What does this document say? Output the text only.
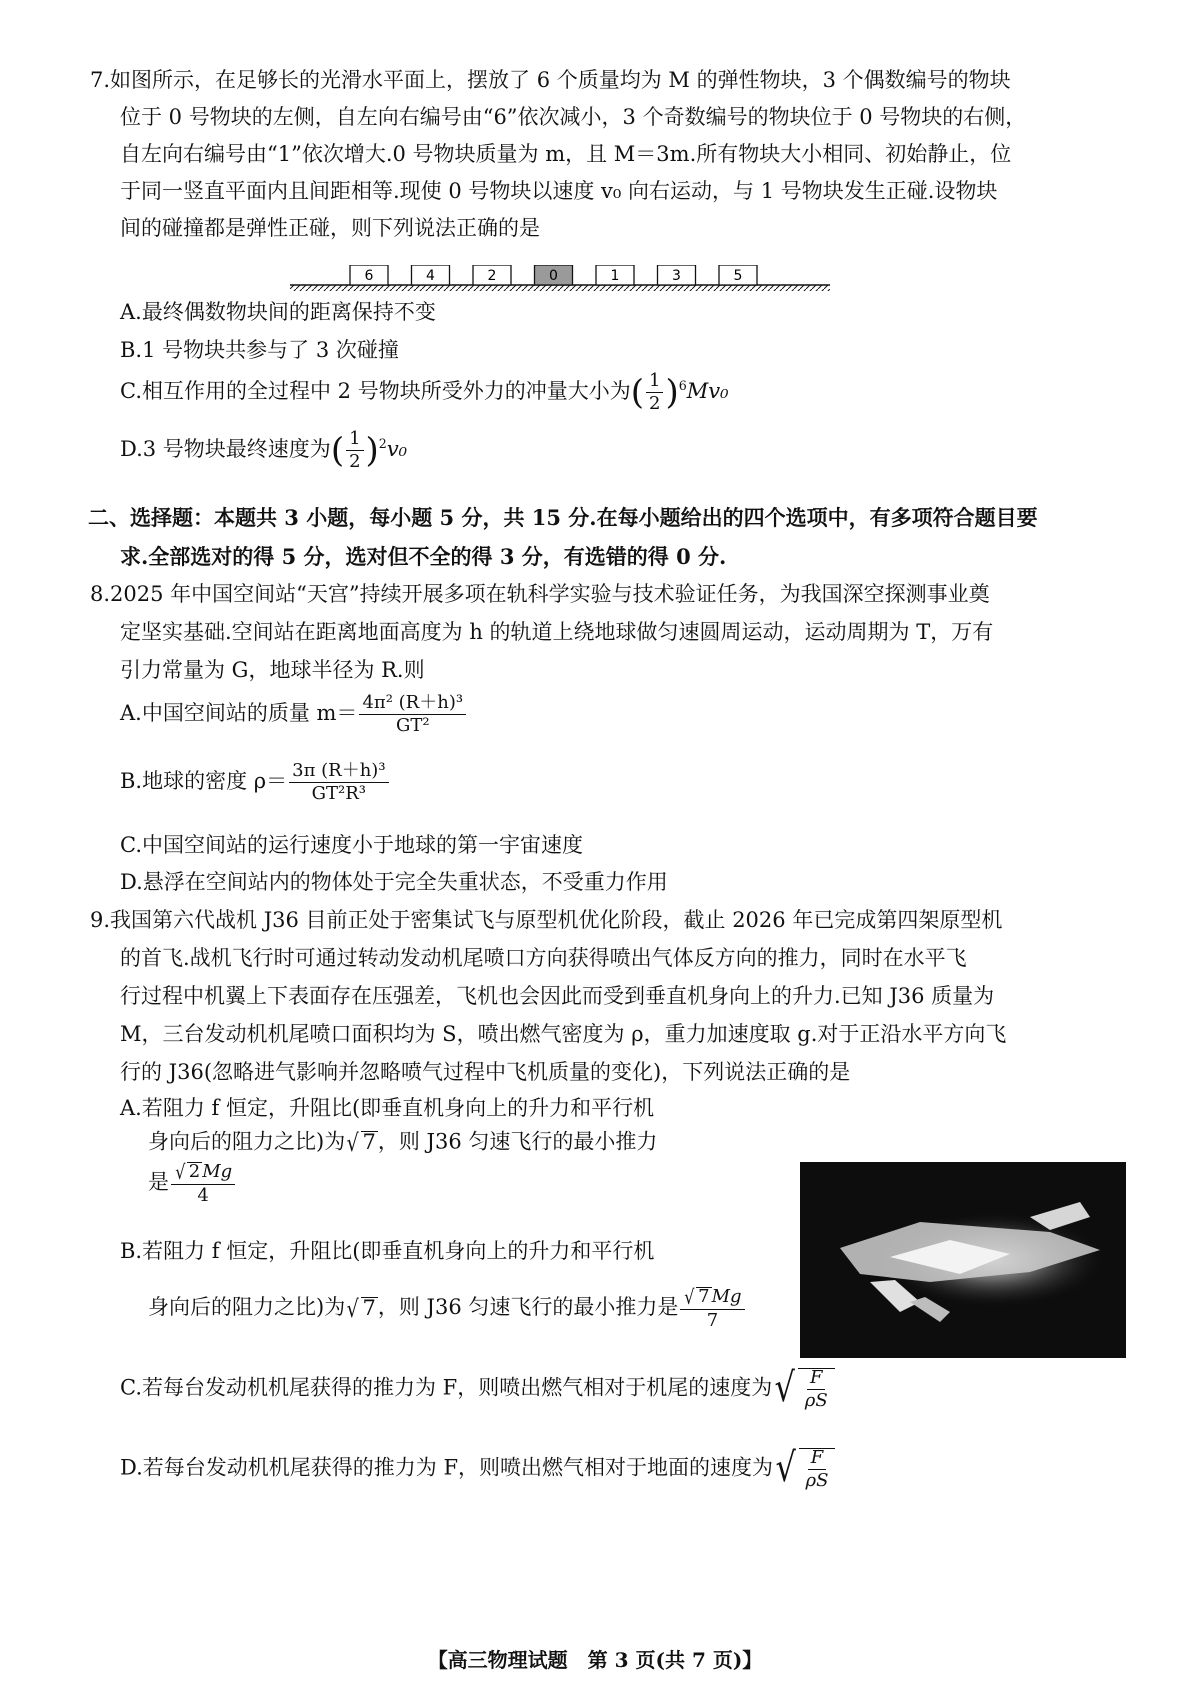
7.如图所示，在足够长的光滑水平面上，摆放了 6 个质量均为 M 的弹性物块，3 个偶数编号的物块
位于 0 号物块的左侧，自左向右编号由“6”依次减小，3 个奇数编号的物块位于 0 号物块的右侧，
自左向右编号由“1”依次增大.0 号物块质量为 m，且 M＝3m.所有物块大小相同、初始静止，位
于同一竖直平面内且间距相等.现使 0 号物块以速度 v₀ 向右运动，与 1 号物块发生正碰.设物块
间的碰撞都是弹性正碰，则下列说法正确的是
6	4	2	0	1	3	5
A.最终偶数物块间的距离保持不变
B.1 号物块共参与了 3 次碰撞
C.相互作用的全过程中 2 号物块所受外力的冲量大小为( $\frac{1}{2} )^6Mv_0$
D.3 号物块最终速度为( $\frac{1}{2} )^2v_0$
二、选择题：本题共 3 小题，每小题 5 分，共 15 分.在每小题给出的四个选项中，有多项符合题目要
求.全部选对的得 5 分，选对但不全的得 3 分，有选错的得 0 分.
8.2025 年中国空间站“天宫”持续开展多项在轨科学实验与技术验证任务，为我国深空探测事业奠
定坚实基础.空间站在距离地面高度为 h 的轨道上绕地球做匀速圆周运动，运动周期为 T，万有
引力常量为 G，地球半径为 R.则
A.中国空间站的质量 $m= \frac{\text{4π² (R＋h)³}}{\text{GT²}}$
B.地球的密度 $\rho= \frac{\text{3π (R＋h)³}}{\text{GT²R³}}$
C.中国空间站的运行速度小于地球的第一宇宙速度
D.悬浮在空间站内的物体处于完全失重状态，不受重力作用
9.我国第六代战机 J36 目前正处于密集试飞与原型机优化阶段，截止 2026 年已完成第四架原型机
的首飞.战机飞行时可通过转动发动机尾喷口方向获得喷出气体反方向的推力，同时在水平飞
行过程中机翼上下表面存在压强差，飞机也会因此而受到垂直机身向上的升力.已知 J36 质量为
M，三台发动机机尾喷口面积均为 S，喷出燃气密度为 ρ，重力加速度取 g.对于正沿水平方向飞
行的 J36(忽略进气影响并忽略喷气过程中飞机质量的变化)，下列说法正确的是
A.若阻力 f 恒定，升阻比(即垂直机身向上的升力和平行机
身向后的阻力之比)为 √ 7 ，则 J36 匀速飞行的最小推力
是 $\frac{√ 2 Mg}{4}$
B.若阻力 f 恒定，升阻比(即垂直机身向上的升力和平行机
身向后的阻力之比)为 √ 7 ，则 J36 匀速飞行的最小推力是 $\frac{√ 7 Mg}{7}$
C.若每台发动机机尾获得的推力为 F，则喷出燃气相对于机尾的速度为 √ $\frac{F}{\rho S}$
D.若每台发动机机尾获得的推力为 F，则喷出燃气相对于地面的速度为 √ $\frac{F}{\rho S}$
【高三物理试题　第 3 页(共 7 页)】
